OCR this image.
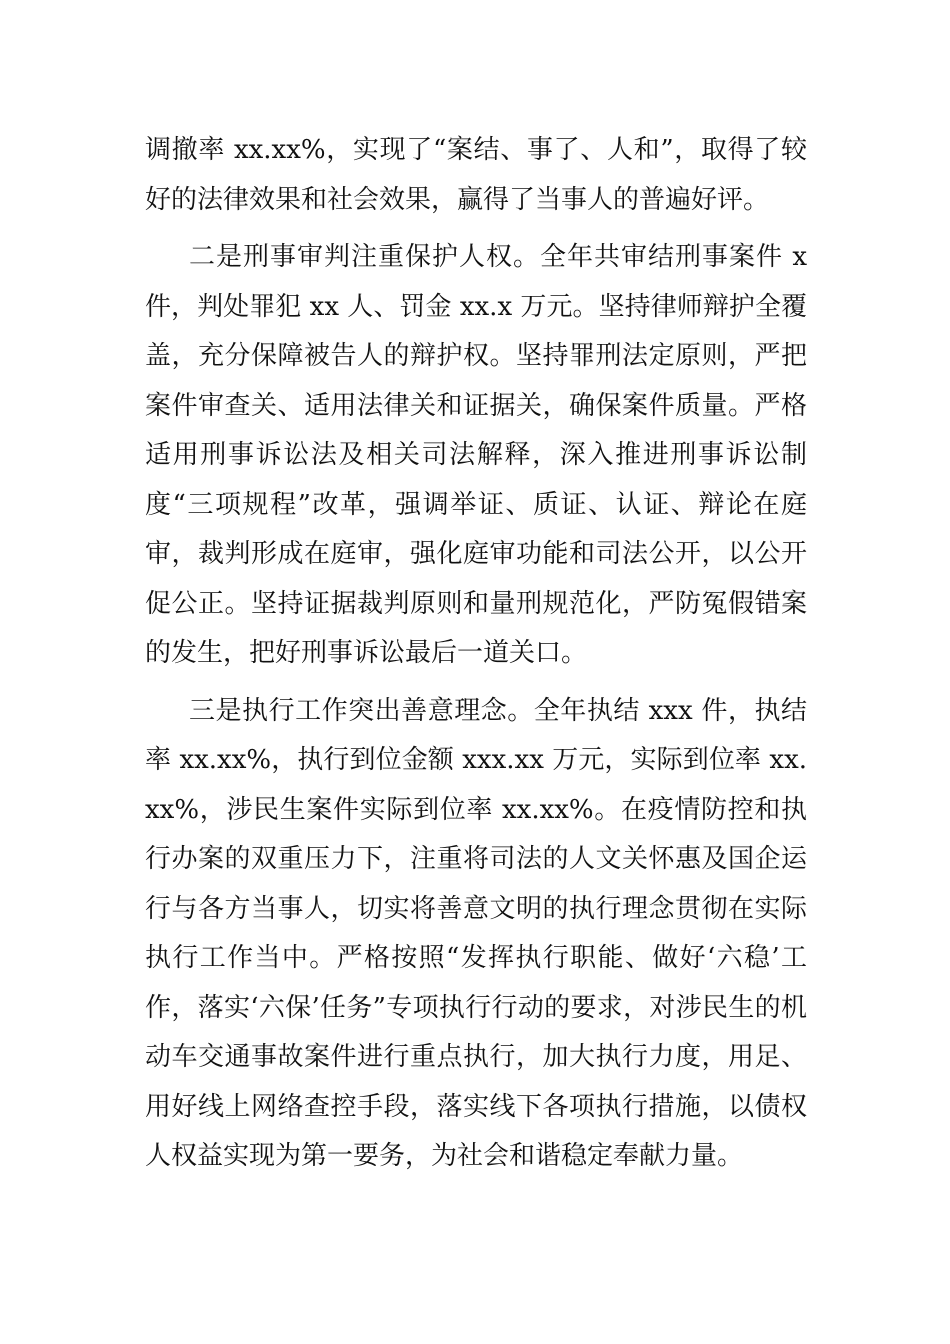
调撤率 xx.xx%，实现了“案结、事了、人和”，取得了较好的法律效果和社会效果，赢得了当事人的普遍好评。

二是刑事审判注重保护人权。全年共审结刑事案件 x 件，判处罪犯 xx 人、罚金 xx.x 万元。坚持律师辩护全覆盖，充分保障被告人的辩护权。坚持罪刑法定原则，严把案件审查关、适用法律关和证据关，确保案件质量。严格适用刑事诉讼法及相关司法解释，深入推进刑事诉讼制度“三项规程”改革，强调举证、质证、认证、辩论在庭审，裁判形成在庭审，强化庭审功能和司法公开，以公开促公正。坚持证据裁判原则和量刑规范化，严防冤假错案的发生，把好刑事诉讼最后一道关口。

三是执行工作突出善意理念。全年执结 xxx 件，执结率 xx.xx%，执行到位金额 xxx.xx 万元，实际到位率 xx.xx%，涉民生案件实际到位率 xx.xx%。在疫情防控和执行办案的双重压力下，注重将司法的人文关怀惠及国企运行与各方当事人，切实将善意文明的执行理念贯彻在实际执行工作当中。严格按照“发挥执行职能、做好‘六稳’工作，落实‘六保’任务”专项执行行动的要求，对涉民生的机动车交通事故案件进行重点执行，加大执行力度，用足、用好线上网络查控手段，落实线下各项执行措施，以债权人权益实现为第一要务，为社会和谐稳定奉献力量。
